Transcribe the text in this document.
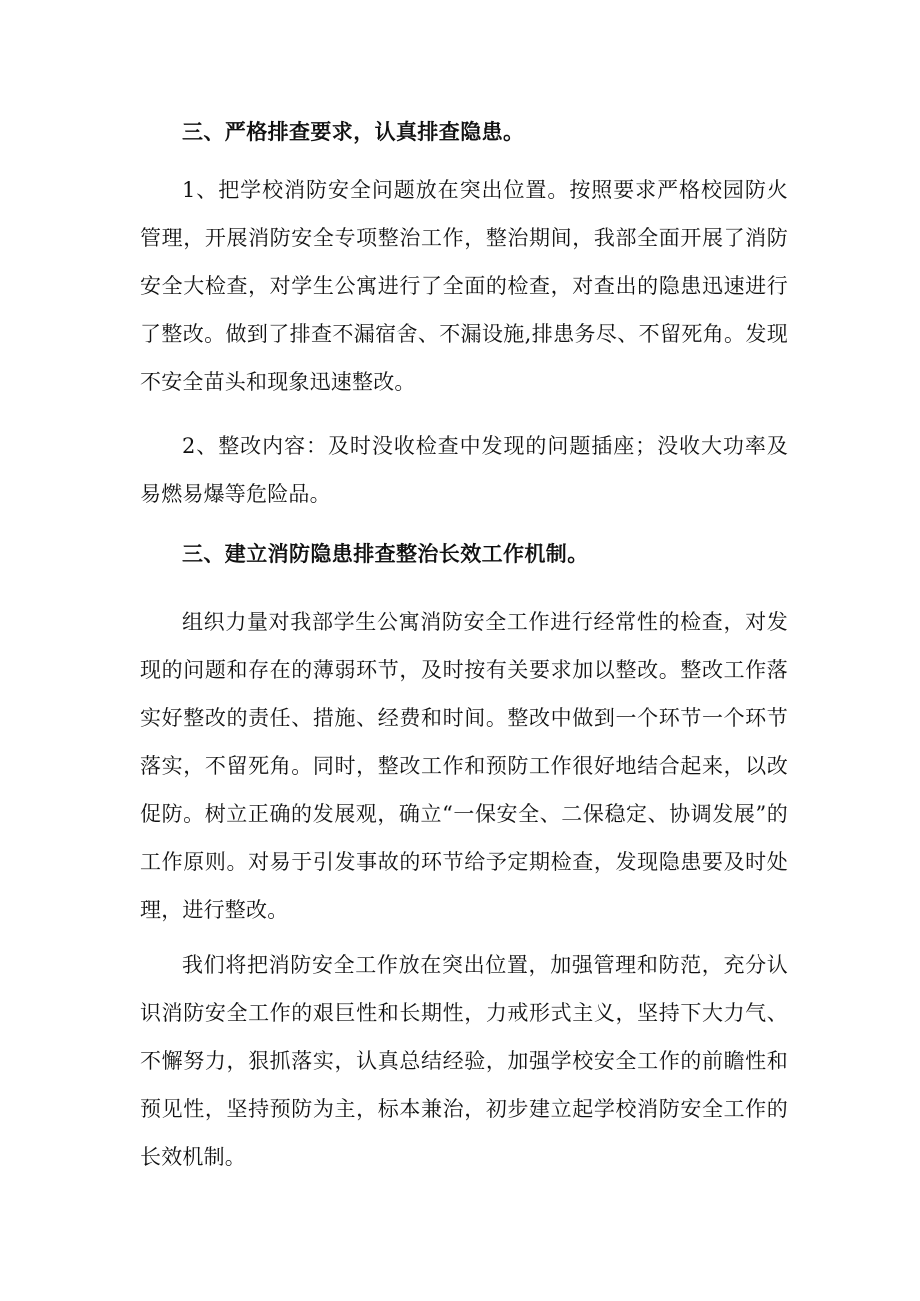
三、严格排查要求，认真排查隐患。

1、把学校消防安全问题放在突出位置。按照要求严格校园防火管理，开展消防安全专项整治工作，整治期间，我部全面开展了消防安全大检查，对学生公寓进行了全面的检查，对查出的隐患迅速进行了整改。做到了排查不漏宿舍、不漏设施,排患务尽、不留死角。发现不安全苗头和现象迅速整改。

2、整改内容：及时没收检查中发现的问题插座；没收大功率及易燃易爆等危险品。

三、建立消防隐患排查整治长效工作机制。

组织力量对我部学生公寓消防安全工作进行经常性的检查，对发现的问题和存在的薄弱环节，及时按有关要求加以整改。整改工作落实好整改的责任、措施、经费和时间。整改中做到一个环节一个环节落实，不留死角。同时，整改工作和预防工作很好地结合起来，以改促防。树立正确的发展观，确立“一保安全、二保稳定、协调发展”的工作原则。对易于引发事故的环节给予定期检查，发现隐患要及时处理，进行整改。

我们将把消防安全工作放在突出位置，加强管理和防范，充分认识消防安全工作的艰巨性和长期性，力戒形式主义，坚持下大力气、不懈努力，狠抓落实，认真总结经验，加强学校安全工作的前瞻性和预见性，坚持预防为主，标本兼治，初步建立起学校消防安全工作的长效机制。
